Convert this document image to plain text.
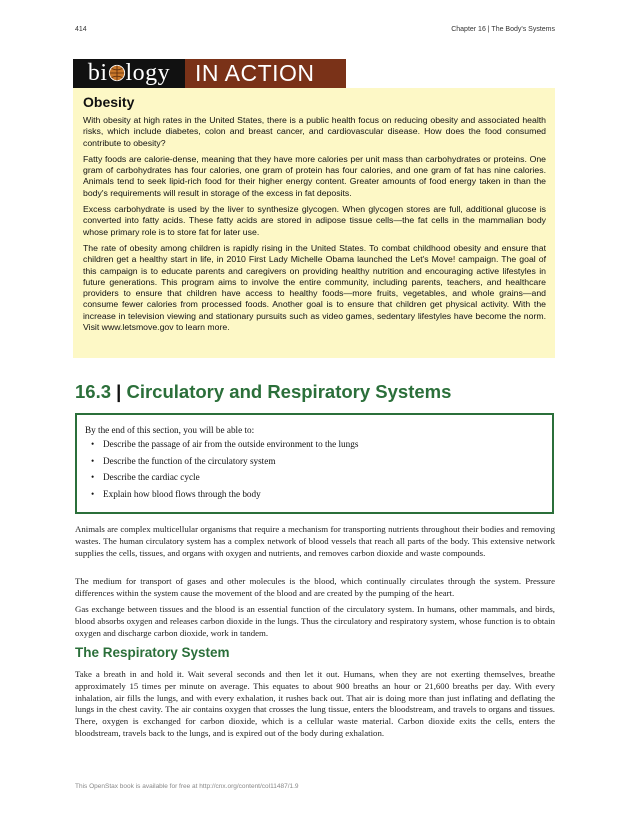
414	Chapter 16 | The Body's Systems
bi logy	IN ACTION
Obesity

With obesity at high rates in the United States, there is a public health focus on reducing obesity and associated health risks, which include diabetes, colon and breast cancer, and cardiovascular disease. How does the food consumed contribute to obesity?

Fatty foods are calorie-dense, meaning that they have more calories per unit mass than carbohydrates or proteins. One gram of carbohydrates has four calories, one gram of protein has four calories, and one gram of fat has nine calories. Animals tend to seek lipid-rich food for their higher energy content. Greater amounts of food energy taken in than the body's requirements will result in storage of the excess in fat deposits.

Excess carbohydrate is used by the liver to synthesize glycogen. When glycogen stores are full, additional glucose is converted into fatty acids. These fatty acids are stored in adipose tissue cells—the fat cells in the mammalian body whose primary role is to store fat for later use.

The rate of obesity among children is rapidly rising in the United States. To combat childhood obesity and ensure that children get a healthy start in life, in 2010 First Lady Michelle Obama launched the Let's Move! campaign. The goal of this campaign is to educate parents and caregivers on providing healthy nutrition and encouraging active lifestyles in future generations. This program aims to involve the entire community, including parents, teachers, and healthcare providers to ensure that children have access to healthy foods—more fruits, vegetables, and whole grains—and consume fewer calories from processed foods. Another goal is to ensure that children get physical activity. With the increase in television viewing and stationary pursuits such as video games, sedentary lifestyles have become the norm. Visit www.letsmove.gov to learn more.

16.3 | Circulatory and Respiratory Systems

By the end of this section, you will be able to:

• Describe the passage of air from the outside environment to the lungs
• Describe the function of the circulatory system
• Describe the cardiac cycle
• Explain how blood flows through the body

Animals are complex multicellular organisms that require a mechanism for transporting nutrients throughout their bodies and removing wastes. The human circulatory system has a complex network of blood vessels that reach all parts of the body. This extensive network supplies the cells, tissues, and organs with oxygen and nutrients, and removes carbon dioxide and waste compounds.

The medium for transport of gases and other molecules is the blood, which continually circulates through the system. Pressure differences within the system cause the movement of the blood and are created by the pumping of the heart.

Gas exchange between tissues and the blood is an essential function of the circulatory system. In humans, other mammals, and birds, blood absorbs oxygen and releases carbon dioxide in the lungs. Thus the circulatory and respiratory system, whose function is to obtain oxygen and discharge carbon dioxide, work in tandem.

The Respiratory System

Take a breath in and hold it. Wait several seconds and then let it out. Humans, when they are not exerting themselves, breathe approximately 15 times per minute on average. This equates to about 900 breaths an hour or 21,600 breaths per day. With every inhalation, air fills the lungs, and with every exhalation, it rushes back out. That air is doing more than just inflating and deflating the lungs in the chest cavity. The air contains oxygen that crosses the lung tissue, enters the bloodstream, and travels to organs and tissues. There, oxygen is exchanged for carbon dioxide, which is a cellular waste material. Carbon dioxide exits the cells, enters the bloodstream, travels back to the lungs, and is expired out of the body during exhalation.

This OpenStax book is available for free at http://cnx.org/content/col11487/1.9
